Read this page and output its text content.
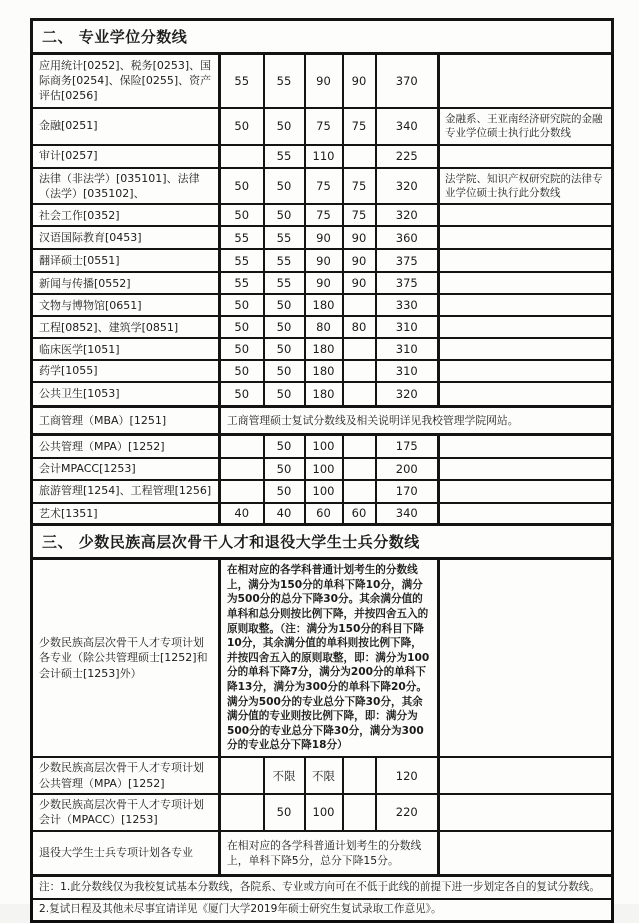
二、 专业学位分数线						
应用统计[0252]、税务[0253]、国际商务[0254]、保险[0255]、资产评估[0256]	55	55	90	90	370	
金融[0251]	50	50	75	75	340	金融系、王亚南经济研究院的金融专业学位硕士执行此分数线
审计[0257]		55	110		225	
法律（非法学）[035101]、法律（法学）[035102]、	50	50	75	75	320	法学院、知识产权研究院的法律专业学位硕士执行此分数线
社会工作[0352]	50	50	75	75	320	
汉语国际教育[0453]	55	55	90	90	360	
翻译硕士[0551]	55	55	90	90	375	
新闻与传播[0552]	55	55	90	90	375	
文物与博物馆[0651]	50	50	180		330	
工程[0852]、建筑学[0851]	50	50	80	80	310	
临床医学[1051]	50	50	180		310	
药学[1055]	50	50	180		310	
公共卫生[1053]	50	50	180		320	
工商管理（MBA）[1251]	工商管理硕士复试分数线及相关说明详见我校管理学院网站。					
公共管理（MPA）[1252]		50	100		175	
会计MPACC[1253]		50	100		200	
旅游管理[1254]、工程管理[1256]		50	100		170	
艺术[1351]	40	40	60	60	340	
三、 少数民族高层次骨干人才和退役大学生士兵分数线						
少数民族高层次骨干人才专项计划各专业（除公共管理硕士[1252]和会计硕士[1253]外）	在相对应的各学科普通计划考生的分数线上，满分为150分的单科下降10分，满分为500分的总分下降30分。其余满分值的单科和总分则按比例下降，并按四舍五入的原则取整。（注：满分为150分的科目下降10分，其余满分值的单科则按比例下降，并按四舍五入的原则取整，即：满分为100分的单科下降7分，满分为200分的单科下降13分，满分为300分的单科下降20分。满分为500分的专业总分下降30分，其余满分值的专业则按比例下降，即：满分为500分的专业总分下降30分，满分为300分的专业总分下降18分）					
少数民族高层次骨干人才专项计划公共管理（MPA）[1252]		不限	不限		120	
少数民族高层次骨干人才专项计划会计（MPACC）[1253]		50	100		220	
退役大学生士兵专项计划各专业	在相对应的各学科普通计划考生的分数线上，单科下降5分，总分下降15分。					
注：1.此分数线仅为我校复试基本分数线，各院系、专业或方向可在不低于此线的前提下进一步划定各自的复试分数线。						
2.复试日程及其他未尽事宜请详见《厦门大学2019年硕士研究生复试录取工作意见》。						
